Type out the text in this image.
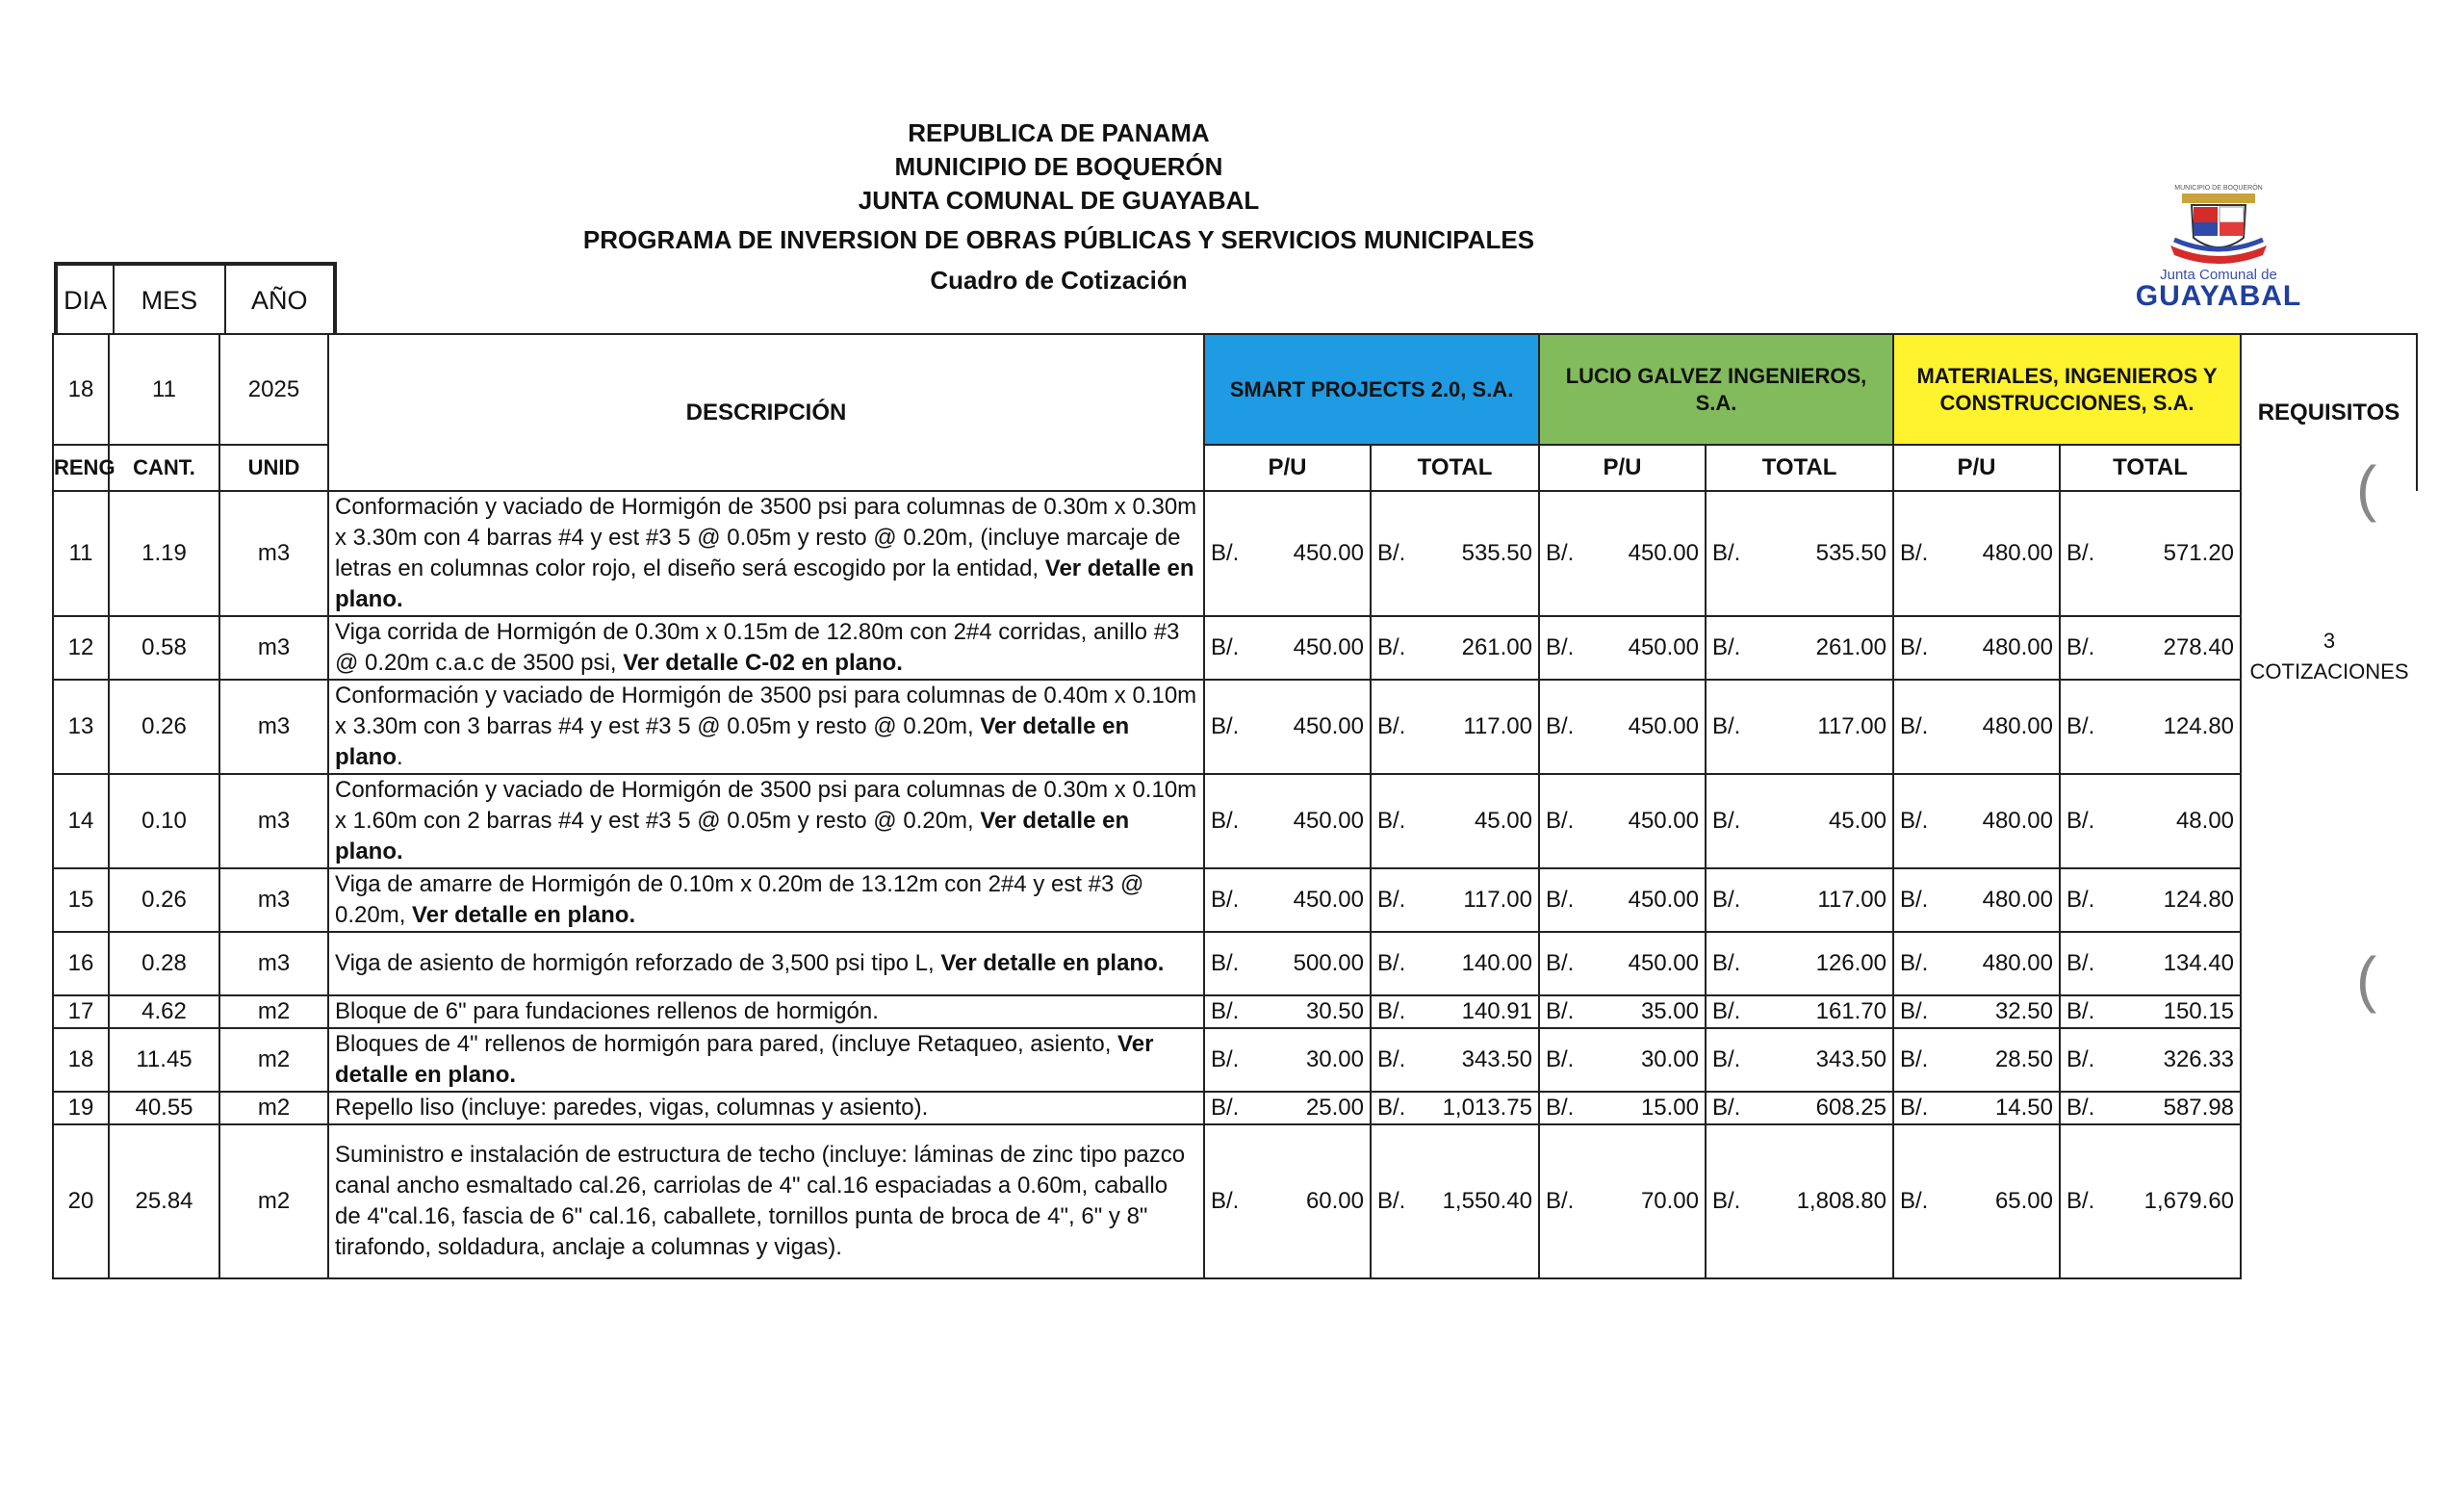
REPUBLICA DE PANAMA
MUNICIPIO DE BOQUERÓN
JUNTA COMUNAL DE GUAYABAL
PROGRAMA DE INVERSION DE OBRAS PÚBLICAS Y SERVICIOS MUNICIPALES
Cuadro de Cotización
MUNICIPIO DE BOQUERÓN
Junta Comunal de
GUAYABAL
DIA	MES	AÑO
18	11	2025	DESCRIPCIÓN	SMART PROJECTS 2.0, S.A.		LUCIO GALVEZ INGENIEROS, S.A.		MATERIALES, INGENIEROS Y CONSTRUCCIONES, S.A.		REQUISITOS
RENG	CANT.	UNID		P/U	TOTAL	P/U	TOTAL	P/U	TOTAL	
11	1.19	m3	Conformación y vaciado de Hormigón de 3500 psi para columnas de 0.30m x 0.30m x 3.30m con 4 barras #4 y est #3 5 @ 0.05m y resto @ 0.20m, (incluye marcaje de letras en columnas color rojo, el diseño será escogido por la entidad, Ver detalle en plano.	B/. 450.00	B/. 535.50	B/. 450.00	B/. 535.50	B/. 480.00	B/. 571.20	3 COTIZACIONES
12	0.58	m3	Viga corrida de Hormigón de 0.30m x 0.15m de 12.80m con 2#4 corridas, anillo #3 @ 0.20m c.a.c de 3500 psi, Ver detalle C-02 en plano.	B/. 450.00	B/. 261.00	B/. 450.00	B/. 261.00	B/. 480.00	B/. 278.40	

13	0.26	m3	Conformación y vaciado de Hormigón de 3500 psi para columnas de 0.40m x 0.10m x 3.30m con 3 barras #4 y est #3 5 @ 0.05m y resto @ 0.20m, Ver detalle en plano.	B/. 450.00	B/. 117.00	B/. 450.00	B/. 117.00	B/. 480.00	B/. 124.80	

14	0.10	m3	Conformación y vaciado de Hormigón de 3500 psi para columnas de 0.30m x 0.10m x 1.60m con 2 barras #4 y est #3 5 @ 0.05m y resto @ 0.20m, Ver detalle en plano.	B/. 450.00	B/. 45.00	B/. 450.00	B/. 45.00	B/. 480.00	B/. 48.00	

15	0.26	m3	Viga de amarre de Hormigón de 0.10m x 0.20m de 13.12m con 2#4 y est #3 @ 0.20m, Ver detalle en plano.	B/. 450.00	B/. 117.00	B/. 450.00	B/. 117.00	B/. 480.00	B/. 124.80	

16	0.28	m3	Viga de asiento de hormigón reforzado de 3,500 psi tipo L, Ver detalle en plano.	B/. 500.00	B/. 140.00	B/. 450.00	B/. 126.00	B/. 480.00	B/. 134.40	

17	4.62	m2	Bloque de 6" para fundaciones rellenos de hormigón.	B/. 30.50	B/. 140.91	B/. 35.00	B/. 161.70	B/. 32.50	B/. 150.15	

18	11.45	m2	Bloques de 4" rellenos de hormigón para pared, (incluye Retaqueo, asiento, Ver detalle en plano.	B/. 30.00	B/. 343.50	B/. 30.00	B/. 343.50	B/. 28.50	B/. 326.33	

19	40.55	m2	Repello liso (incluye: paredes, vigas, columnas y asiento).	B/. 25.00	B/. 1,013.75	B/. 15.00	B/. 608.25	B/. 14.50	B/. 587.98	

20	25.84	m2	Suministro e instalación de estructura de techo (incluye: láminas de zinc tipo pazco canal ancho esmaltado cal.26, carriolas de 4" cal.16 espaciadas a 0.60m, caballo de 4"cal.16, fascia de 6" cal.16, caballete, tornillos punta de broca de 4", 6" y 8" tirafondo, soldadura, anclaje a columnas y vigas).	B/. 60.00	B/. 1,550.40	B/. 70.00	B/. 1,808.80	B/. 65.00	B/. 1,679.60	
(
(
